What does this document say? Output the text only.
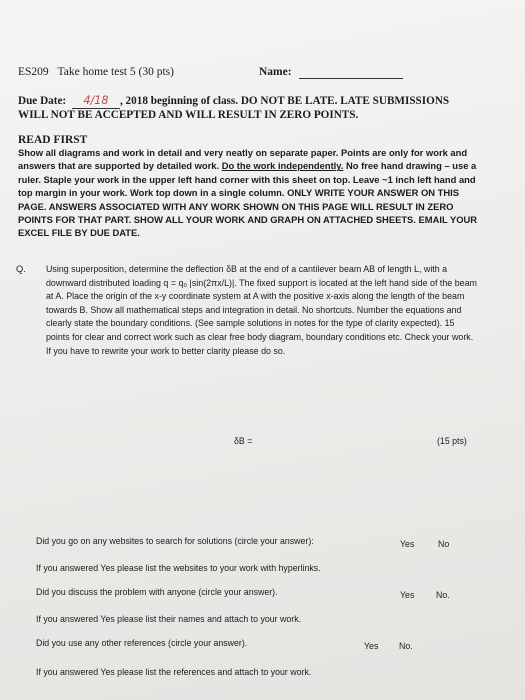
ES209 Take home test 5 (30 pts)	Name:
Due Date: 4/18 , 2018 beginning of class. DO NOT BE LATE. LATE SUBMISSIONS
WILL NOT BE ACCEPTED AND WILL RESULT IN ZERO POINTS.
READ FIRST
Show all diagrams and work in detail and very neatly on separate paper. Points are only for work and answers that are supported by detailed work. Do the work independently. No free hand drawing – use a ruler. Staple your work in the upper left hand corner with this sheet on top. Leave ~1 inch left hand and top margin in your work. Work top down in a single column. ONLY WRITE YOUR ANSWER ON THIS PAGE. ANSWERS ASSOCIATED WITH ANY WORK SHOWN ON THIS PAGE WILL RESULT IN ZERO POINTS FOR THAT PART. SHOW ALL YOUR WORK AND GRAPH ON ATTACHED SHEETS. EMAIL YOUR EXCEL FILE BY DUE DATE.
Q. Using superposition, determine the deflection δB at the end of a cantilever beam AB of length L, with a downward distributed loading q = q₀ |sin(2πx/L)|. The fixed support is located at the left hand side of the beam at A. Place the origin of the x-y coordinate system at A with the positive x-axis along the length of the beam towards B. Show all mathematical steps and integration in detail. No shortcuts. Number the equations and clearly state the boundary conditions. (See sample solutions in notes for the type of clarity expected). 15 points for clear and correct work such as clear free body diagram, boundary conditions etc. Check your work. If you have to rewrite your work to better clarity please do so.
δB =	(15 pts)
Did you go on any websites to search for solutions (circle your answer):	Yes	No
If you answered Yes please list the websites to your work with hyperlinks.
Did you discuss the problem with anyone (circle your answer).	Yes No.
If you answered Yes please list their names and attach to your work.
Did you use any other references (circle your answer).	Yes No.
If you answered Yes please list the references and attach to your work.
